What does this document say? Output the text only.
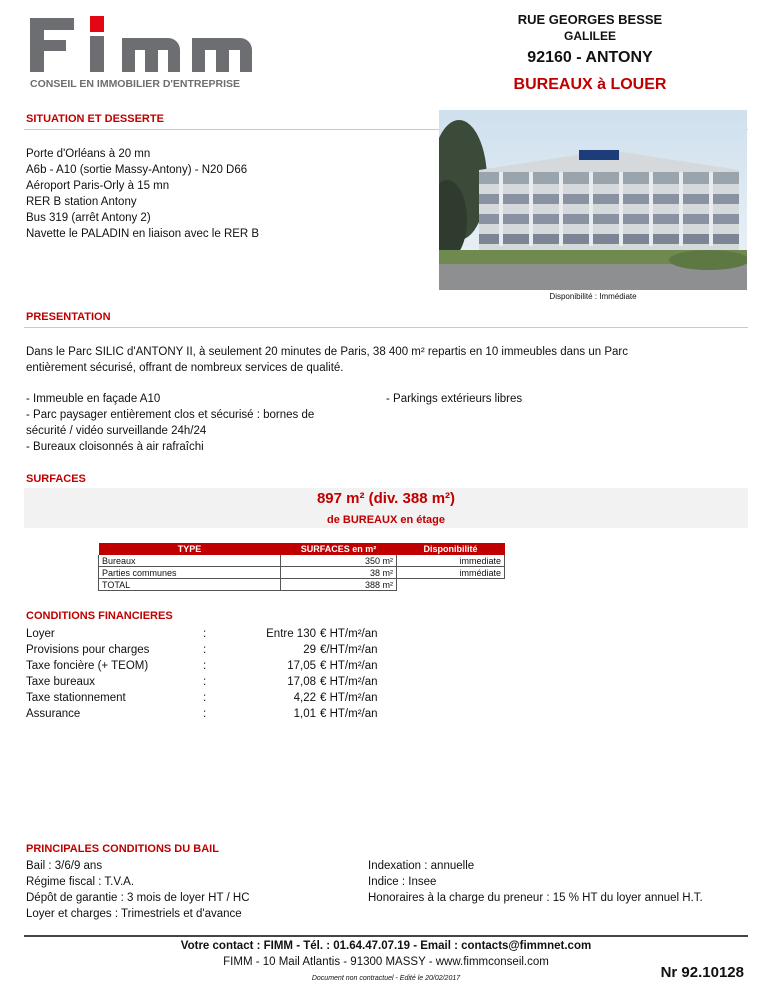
CONSEIL EN IMMOBILIER D'ENTREPRISE
RUE GEORGES BESSE
GALILEE
92160 - ANTONY
BUREAUX à LOUER
SITUATION ET DESSERTE
Porte d'Orléans à 20 mn
A6b - A10 (sortie Massy-Antony) - N20 D66
Aéroport Paris-Orly à 15 mn
RER B station Antony
Bus 319 (arrêt Antony 2)
Navette le PALADIN en liaison avec le RER B
Disponibilité : Immédiate
PRESENTATION
Dans le Parc SILIC d'ANTONY II, à seulement 20 minutes de Paris, 38 400 m² repartis en 10 immeubles dans un Parc
entièrement sécurisé, offrant de nombreux services de qualité.
- Immeuble en façade A10
- Parc paysager entièrement clos et sécurisé : bornes de
sécurité / vidéo surveillande 24h/24
- Bureaux cloisonnés à air rafraîchi
- Parkings extérieurs libres
SURFACES
897 m² (div. 388 m²)
de BUREAUX en étage
TYPE	SURFACES en m²	Disponibilité
Bureaux	350 m²	immediate
Parties communes	38 m²	immédiate
TOTAL	388 m²	
CONDITIONS FINANCIERES
Loyer	:	Entre 130 € HT/m²/an
Provisions pour charges	:	29 €/HT/m²/an
Taxe foncière (+ TEOM)	:	17,05 € HT/m²/an
Taxe bureaux	:	17,08 € HT/m²/an
Taxe stationnement	:	4,22 € HT/m²/an
Assurance	:	1,01 € HT/m²/an
PRINCIPALES CONDITIONS DU BAIL
Bail : 3/6/9 ans
Régime fiscal : T.V.A.
Dépôt de garantie : 3 mois de loyer HT / HC
Loyer et charges : Trimestriels et d'avance
Indexation : annuelle
Indice : Insee
Honoraires à la charge du preneur : 15 % HT du loyer annuel H.T.
Votre contact : FIMM - Tél. : 01.64.47.07.19 - Email : contacts@fimmnet.com
FIMM - 10 Mail Atlantis - 91300 MASSY - www.fimmconseil.com
Document non contractuel - Edité le 20/02/2017	Nr 92.10128
